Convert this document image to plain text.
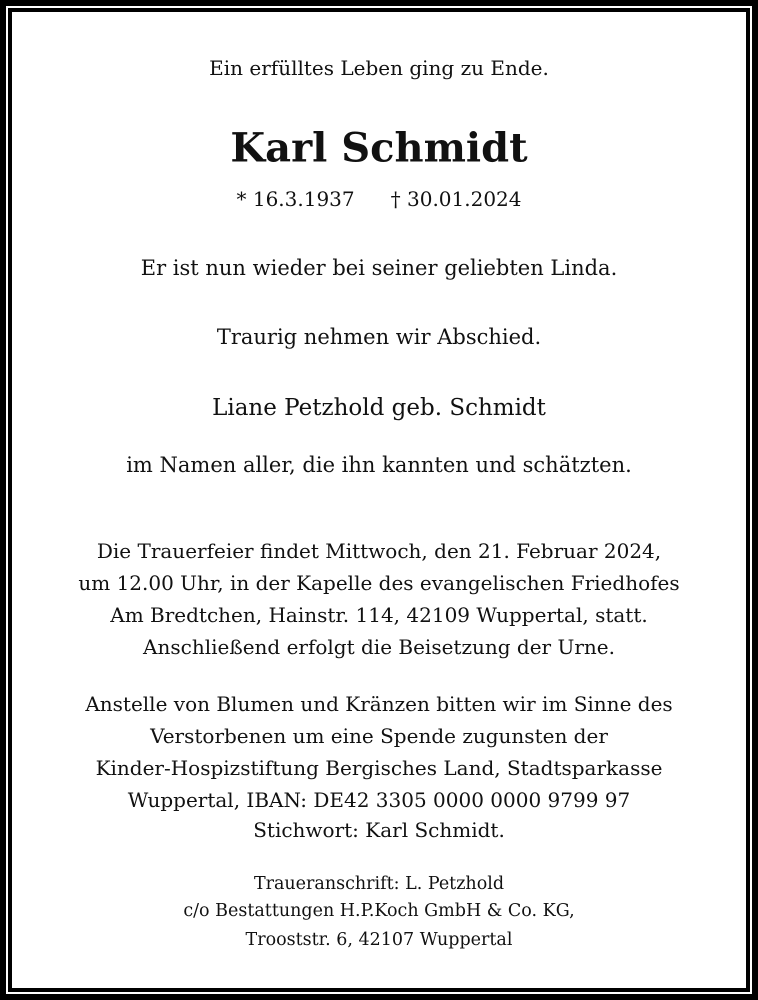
Ein erfülltes Leben ging zu Ende.
Karl Schmidt
* 16.3.1937 † 30.01.2024
Er ist nun wieder bei seiner geliebten Linda.
Traurig nehmen wir Abschied.
Liane Petzhold geb. Schmidt
im Namen aller, die ihn kannten und schätzten.
Die Trauerfeier findet Mittwoch, den 21. Februar 2024,
um 12.00 Uhr, in der Kapelle des evangelischen Friedhofes
Am Bredtchen, Hainstr. 114, 42109 Wuppertal, statt.
Anschließend erfolgt die Beisetzung der Urne.
Anstelle von Blumen und Kränzen bitten wir im Sinne des
Verstorbenen um eine Spende zugunsten der
Kinder-Hospizstiftung Bergisches Land, Stadtsparkasse
Wuppertal, IBAN: DE42 3305 0000 0000 9799 97
Stichwort: Karl Schmidt.
Traueranschrift: L. Petzhold
c/o Bestattungen H.P.Koch GmbH & Co. KG,
Trooststr. 6, 42107 Wuppertal
